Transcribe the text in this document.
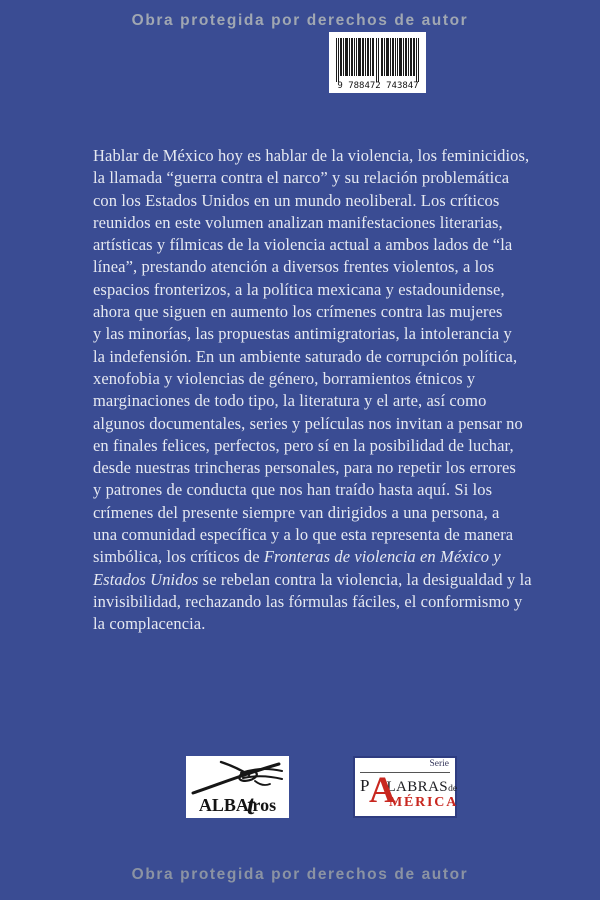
Obra protegida por derechos de autor
9 788472 743847
Hablar de México hoy es hablar de la violencia, los feminicidios,
la llamada “guerra contra el narco” y su relación problemática
con los Estados Unidos en un mundo neoliberal. Los críticos
reunidos en este volumen analizan manifestaciones literarias,
artísticas y fílmicas de la violencia actual a ambos lados de “la
línea”, prestando atención a diversos frentes violentos, a los
espacios fronterizos, a la política mexicana y estadounidense,
ahora que siguen en aumento los crímenes contra las mujeres
y las minorías, las propuestas antimigratorias, la intolerancia y
la indefensión. En un ambiente saturado de corrupción política,
xenofobia y violencias de género, borramientos étnicos y
marginaciones de todo tipo, la literatura y el arte, así como
algunos documentales, series y películas nos invitan a pensar no
en finales felices, perfectos, pero sí en la posibilidad de luchar,
desde nuestras trincheras personales, para no repetir los errores
y patrones de conducta que nos han traído hasta aquí. Si los
crímenes del presente siempre van dirigidos a una persona, a
una comunidad específica y a lo que esta representa de manera
simbólica, los críticos de Fronteras de violencia en México y
Estados Unidos se rebelan contra la violencia, la desigualdad y la
invisibilidad, rechazando las fórmulas fáciles, el conformismo y
la complacencia.
ALBAtros
Serie
A
P LABRASde
MÉRICA
Obra protegida por derechos de autor
